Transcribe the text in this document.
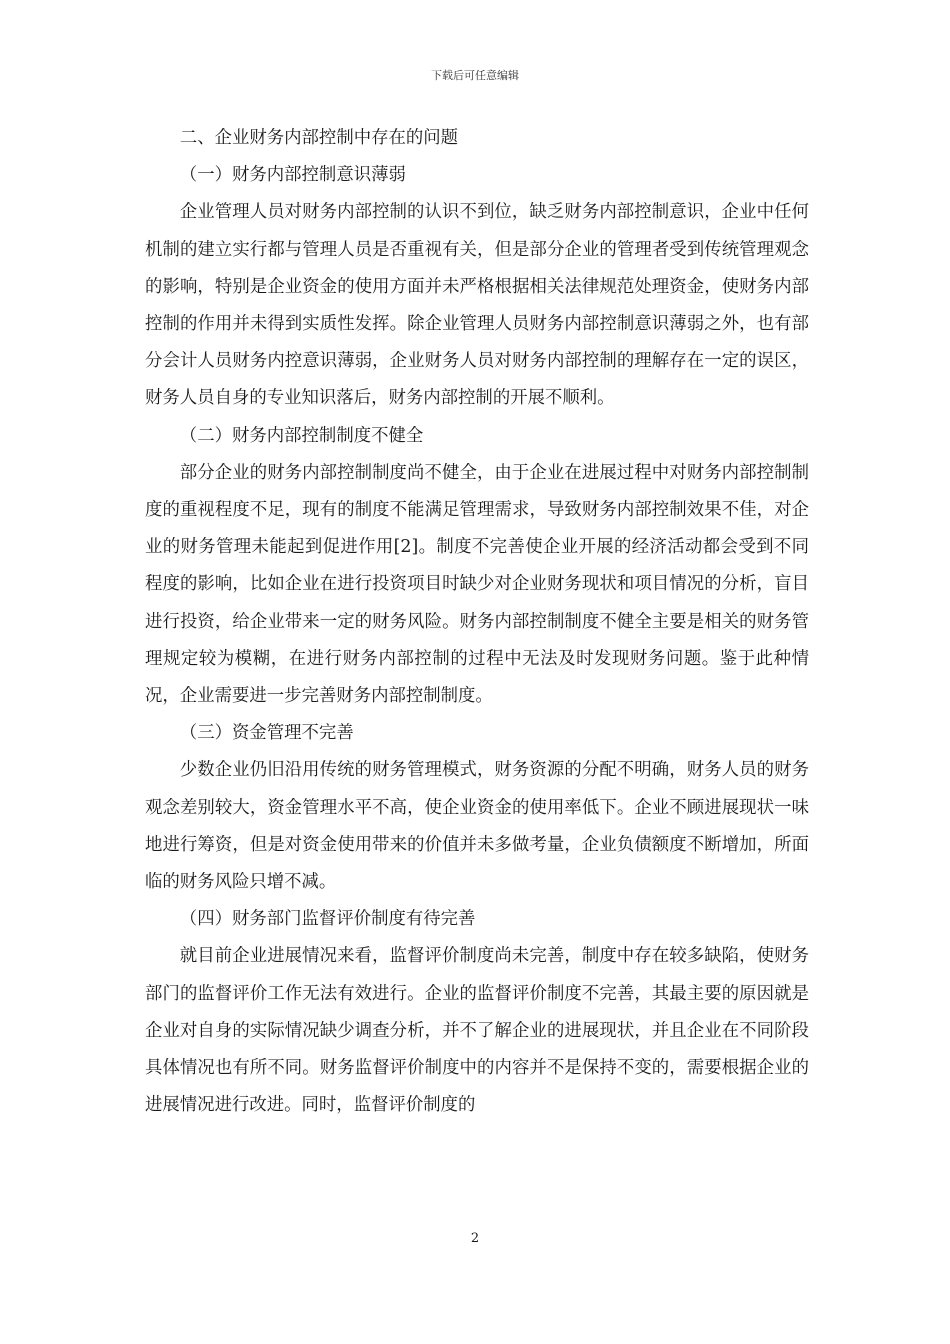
下载后可任意编辑
二、企业财务内部控制中存在的问题
（一）财务内部控制意识薄弱

企业管理人员对财务内部控制的认识不到位，缺乏财务内部控制意识，企业中任何机制的建立实行都与管理人员是否重视有关，但是部分企业的管理者受到传统管理观念的影响，特别是企业资金的使用方面并未严格根据相关法律规范处理资金，使财务内部控制的作用并未得到实质性发挥。除企业管理人员财务内部控制意识薄弱之外，也有部分会计人员财务内控意识薄弱，企业财务人员对财务内部控制的理解存在一定的误区，财务人员自身的专业知识落后，财务内部控制的开展不顺利。

（二）财务内部控制制度不健全

部分企业的财务内部控制制度尚不健全，由于企业在进展过程中对财务内部控制制度的重视程度不足，现有的制度不能满足管理需求，导致财务内部控制效果不佳，对企业的财务管理未能起到促进作用[2]。制度不完善使企业开展的经济活动都会受到不同程度的影响，比如企业在进行投资项目时缺少对企业财务现状和项目情况的分析，盲目进行投资，给企业带来一定的财务风险。财务内部控制制度不健全主要是相关的财务管理规定较为模糊，在进行财务内部控制的过程中无法及时发现财务问题。鉴于此种情况，企业需要进一步完善财务内部控制制度。

（三）资金管理不完善

少数企业仍旧沿用传统的财务管理模式，财务资源的分配不明确，财务人员的财务观念差别较大，资金管理水平不高，使企业资金的使用率低下。企业不顾进展现状一味地进行筹资，但是对资金使用带来的价值并未多做考量，企业负债额度不断增加，所面临的财务风险只增不减。

（四）财务部门监督评价制度有待完善

就目前企业进展情况来看，监督评价制度尚未完善，制度中存在较多缺陷，使财务部门的监督评价工作无法有效进行。企业的监督评价制度不完善，其最主要的原因就是企业对自身的实际情况缺少调查分析，并不了解企业的进展现状，并且企业在不同阶段具体情况也有所不同。财务监督评价制度中的内容并不是保持不变的，需要根据企业的进展情况进行改进。同时，监督评价制度的

2
